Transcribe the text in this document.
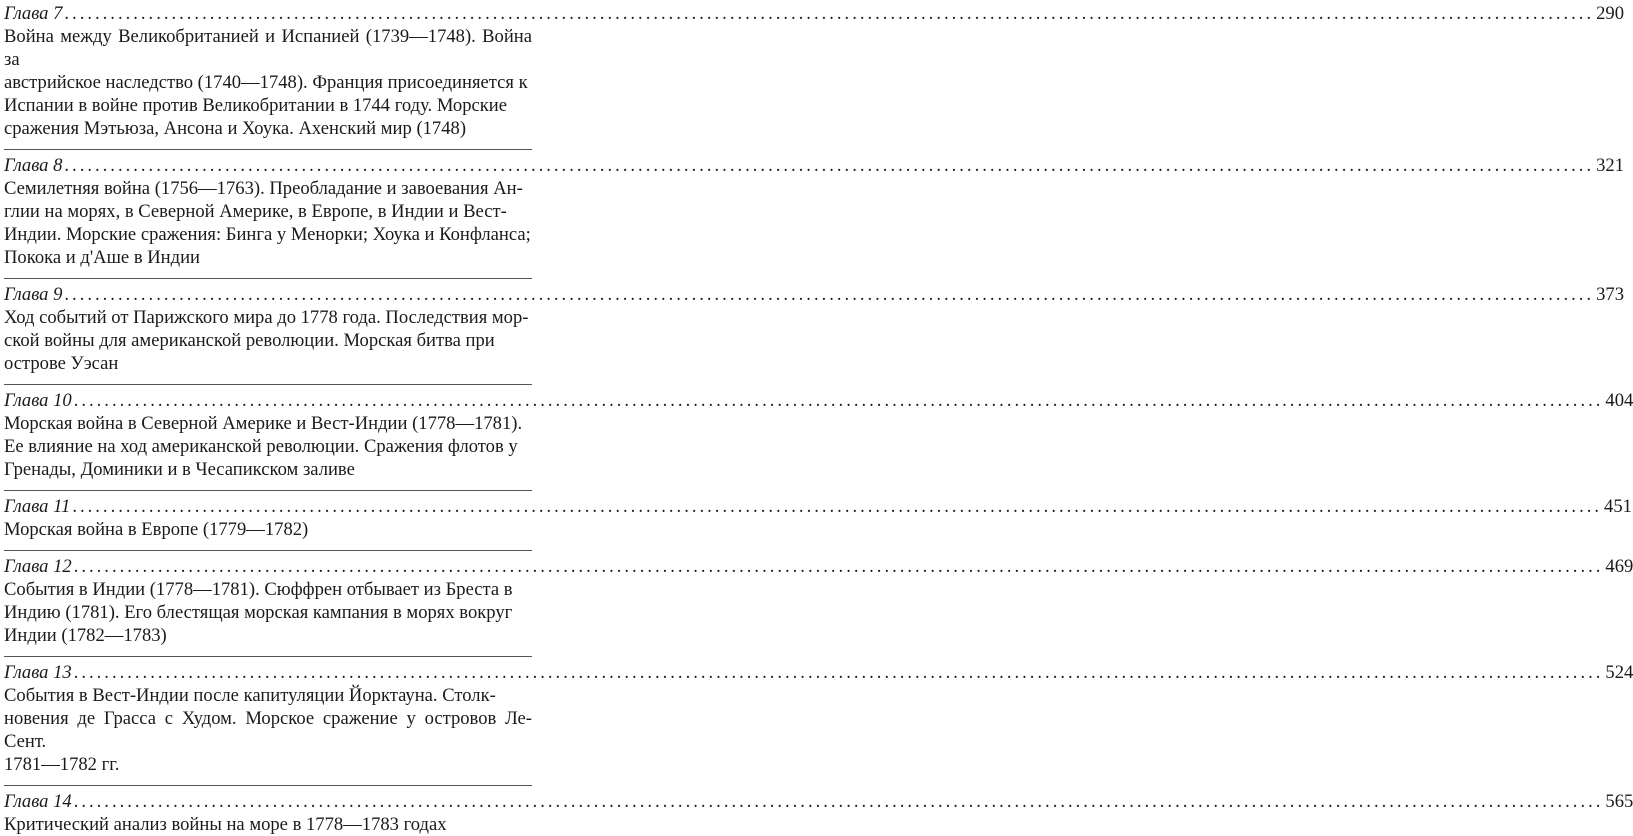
Глава 7 ........................................................................................................................................................................................................ 290
Война между Великобританией и Испанией (1739—1748). Война за
австрийское наследство (1740—1748). Франция присоединяется к
Испании в войне против Великобритании в 1744 году. Морские
сражения Мэтьюза, Ансона и Хоука. Ахенский мир (1748)
Глава 8 ........................................................................................................................................................................................................ 321
Семилетняя война (1756—1763). Преобладание и завоевания Ан-
глии на морях, в Северной Америке, в Европе, в Индии и Вест-
Индии. Морские сражения: Бинга у Менорки; Хоука и Конфланса;
Покока и д'Аше в Индии
Глава 9 ........................................................................................................................................................................................................ 373
Ход событий от Парижского мира до 1778 года. Последствия мор-
ской войны для американской революции. Морская битва при
острове Уэсан
Глава 10 ........................................................................................................................................................................................................ 404
Морская война в Северной Америке и Вест-Индии (1778—1781).
Ее влияние на ход американской революции. Сражения флотов у
Гренады, Доминики и в Чесапикском заливе
Глава 11 ........................................................................................................................................................................................................ 451
Морская война в Европе (1779—1782)
Глава 12 ........................................................................................................................................................................................................ 469
События в Индии (1778—1781). Сюффрен отбывает из Бреста в
Индию (1781). Его блестящая морская кампания в морях вокруг
Индии (1782—1783)
Глава 13 ........................................................................................................................................................................................................ 524
События в Вест-Индии после капитуляции Йорктауна. Столк-
новения де Грасса с Худом. Морское сражение у островов Ле-Сент.
1781—1782 гг.
Глава 14 ........................................................................................................................................................................................................ 565
Критический анализ войны на море в 1778—1783 годах
